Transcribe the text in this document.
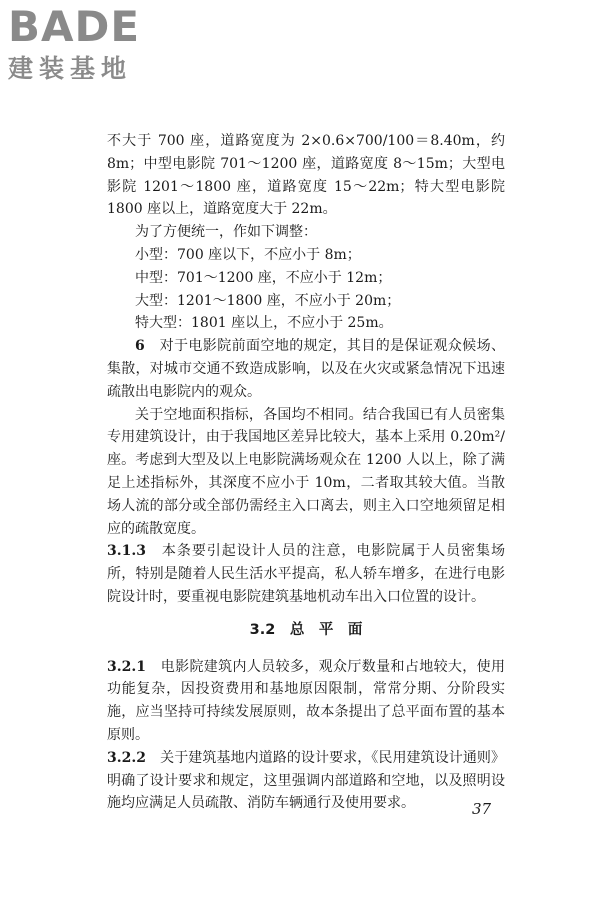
BADE
建装基地

不大于 700 座，道路宽度为 2×0.6×700/100＝8.40m，约 8m；中型电影院 701～1200 座，道路宽度 8～15m；大型电影院 1201～1800 座，道路宽度 15～22m；特大型电影院 1800 座以上，道路宽度大于 22m。

为了方便统一，作如下调整：

小型：700 座以下，不应小于 8m；

中型：701～1200 座，不应小于 12m；

大型：1201～1800 座，不应小于 20m；

特大型：1801 座以上，不应小于 25m。

6　 对于电影院前面空地的规定，其目的是保证观众候场、集散，对城市交通不致造成影响，以及在火灾或紧急情况下迅速疏散出电影院内的观众。

关于空地面积指标，各国均不相同。结合我国已有人员密集专用建筑设计，由于我国地区差异比较大，基本上采用 0.20m²/座。考虑到大型及以上电影院满场观众在 1200 人以上，除了满足上述指标外，其深度不应小于 10m，二者取其较大值。当散场人流的部分或全部仍需经主入口离去，则主入口空地须留足相应的疏散宽度。

3.1.3　 本条要引起设计人员的注意，电影院属于人员密集场所，特别是随着人民生活水平提高，私人轿车增多，在进行电影院设计时，要重视电影院建筑基地机动车出入口位置的设计。

3.2　 总　平　面

3.2.1　 电影院建筑内人员较多，观众厅数量和占地较大，使用功能复杂，因投资费用和基地原因限制，常常分期、分阶段实施，应当坚持可持续发展原则，故本条提出了总平面布置的基本原则。

3.2.2　 关于建筑基地内道路的设计要求，《民用建筑设计通则》明确了设计要求和规定，这里强调内部道路和空地，以及照明设施均应满足人员疏散、消防车辆通行及使用要求。	37
